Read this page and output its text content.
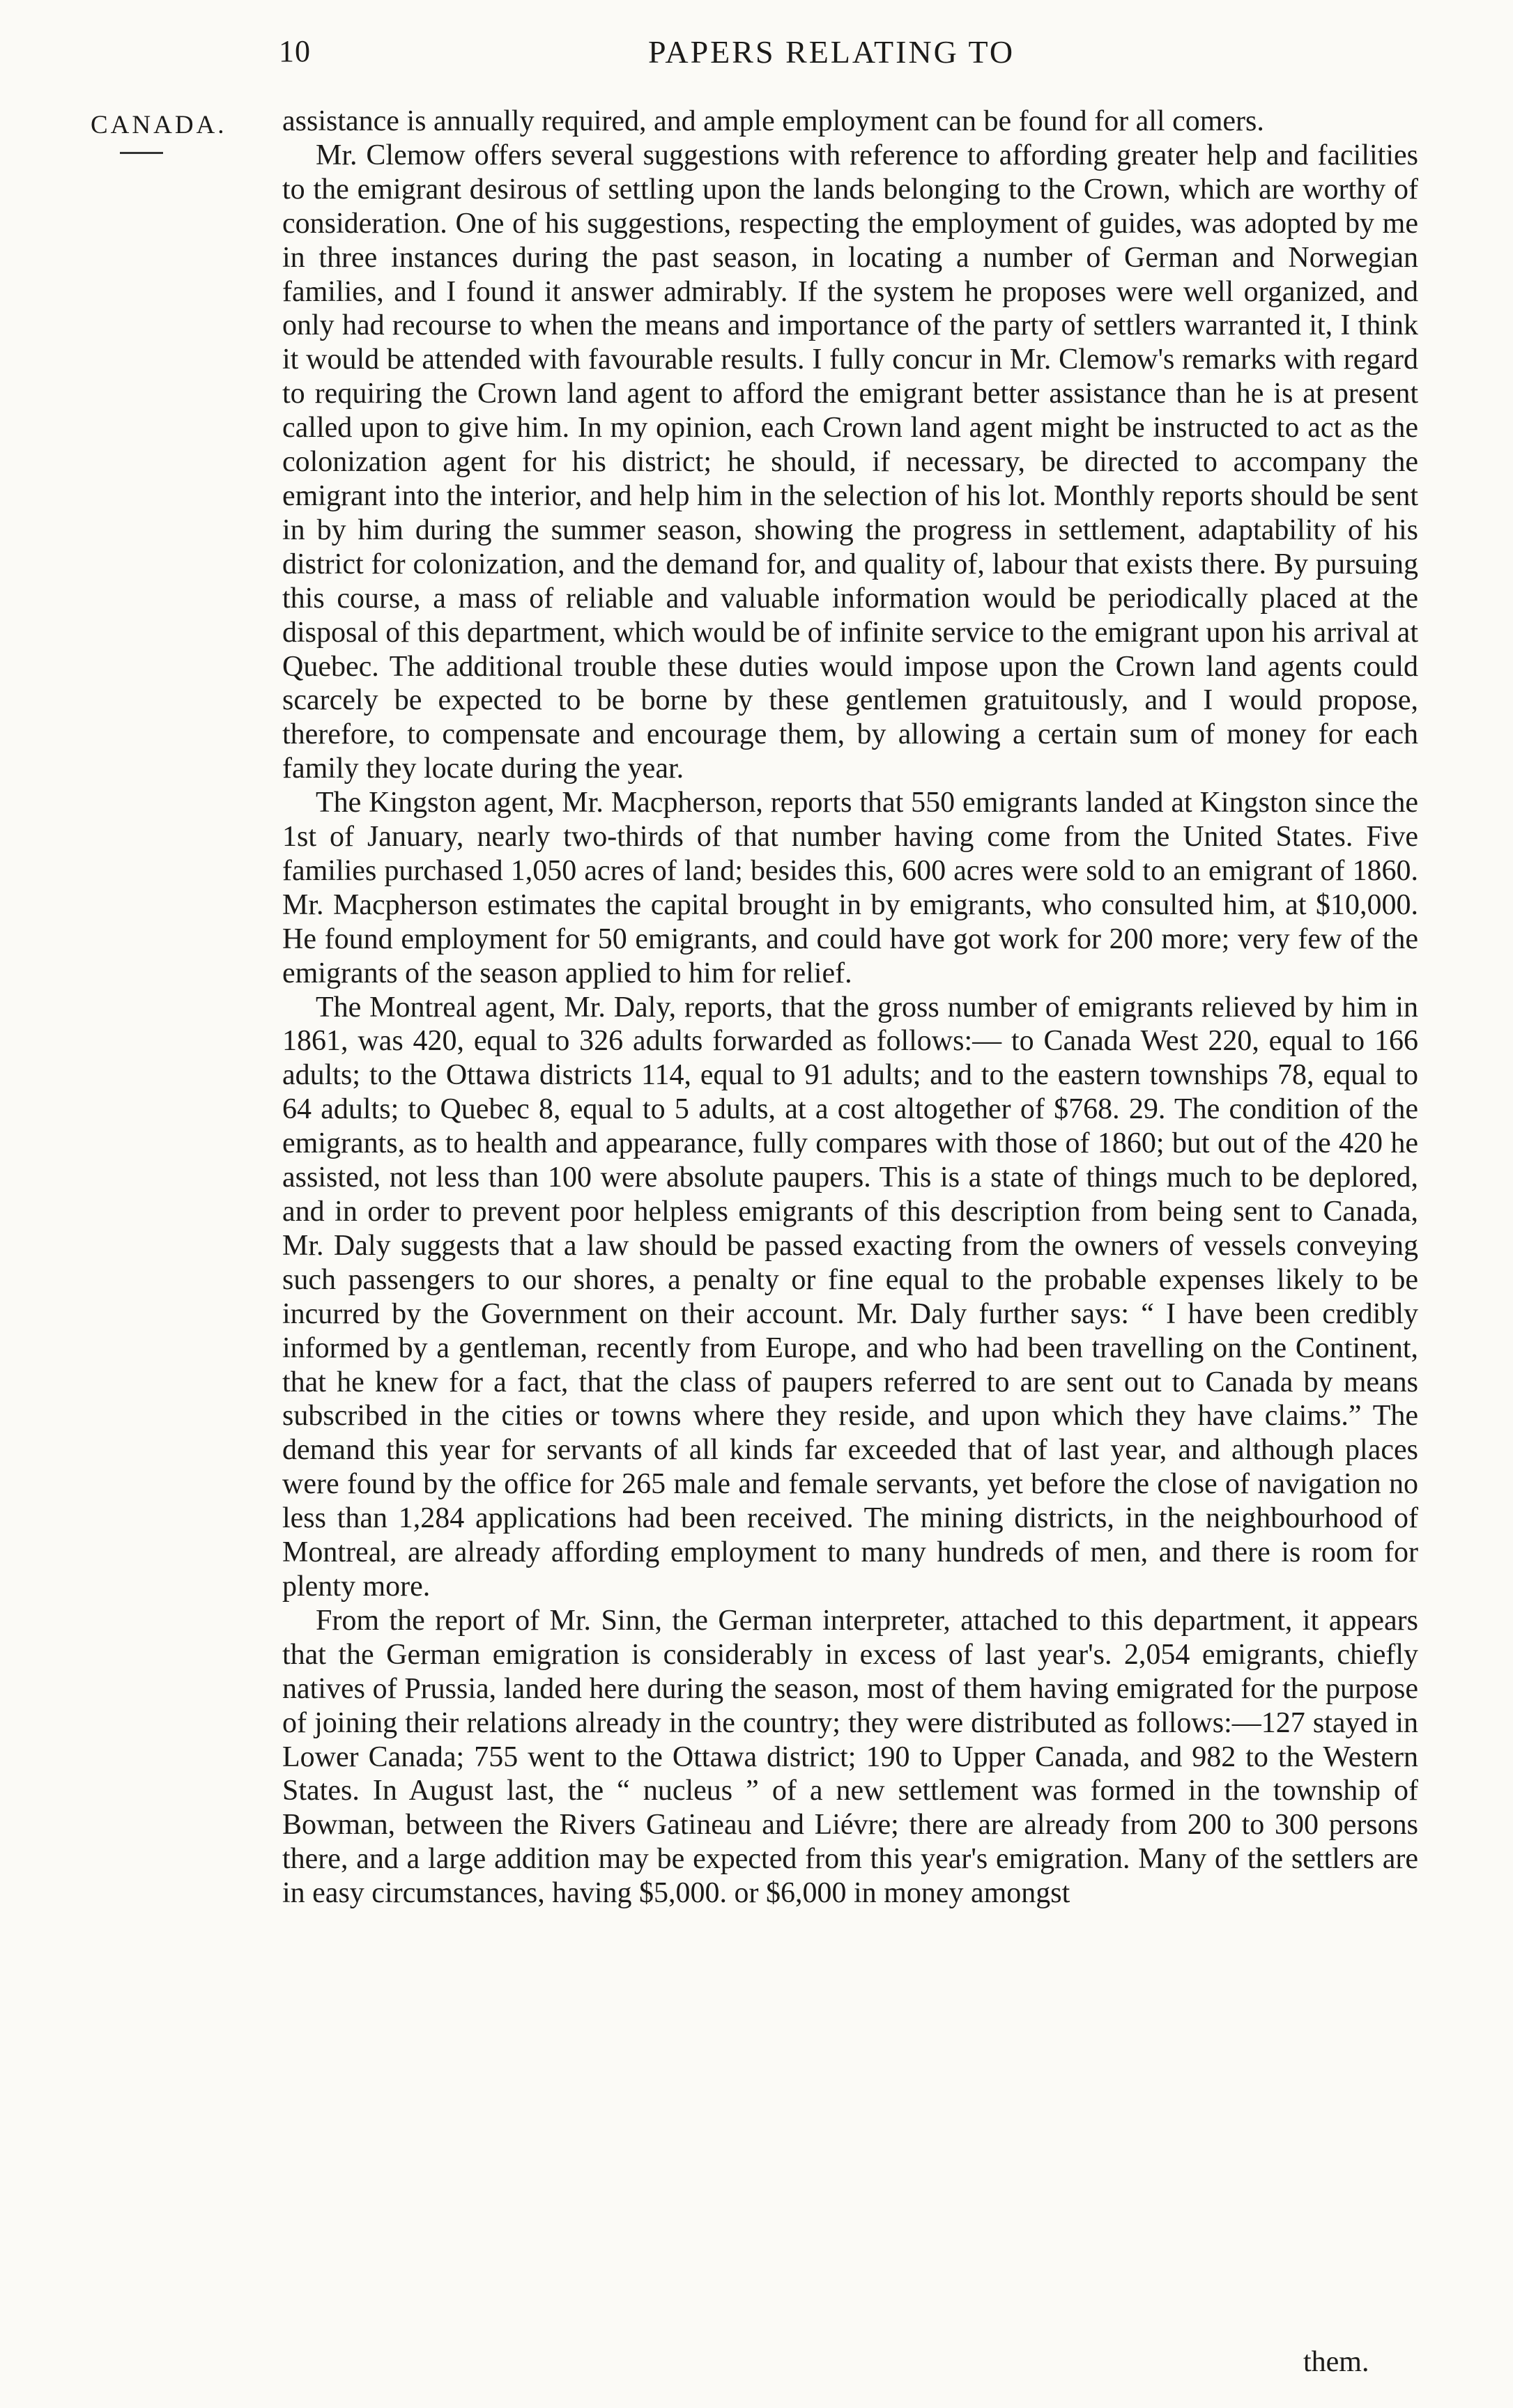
10	PAPERS RELATING TO
CANADA. assistance is annually required, and ample employment can be found for all comers.

Mr. Clemow offers several suggestions with reference to affording greater help and facilities to the emigrant desirous of settling upon the lands belonging to the Crown, which are worthy of consideration. One of his suggestions, respecting the employment of guides, was adopted by me in three instances during the past season, in locating a number of German and Norwegian families, and I found it answer admirably. If the system he proposes were well organized, and only had recourse to when the means and importance of the party of settlers warranted it, I think it would be attended with favourable results. I fully concur in Mr. Clemow's remarks with regard to requiring the Crown land agent to afford the emigrant better assistance than he is at present called upon to give him. In my opinion, each Crown land agent might be instructed to act as the colonization agent for his district; he should, if necessary, be directed to accompany the emigrant into the interior, and help him in the selection of his lot. Monthly reports should be sent in by him during the summer season, showing the progress in settlement, adaptability of his district for colonization, and the demand for, and quality of, labour that exists there. By pursuing this course, a mass of reliable and valuable information would be periodically placed at the disposal of this department, which would be of infinite service to the emigrant upon his arrival at Quebec. The additional trouble these duties would impose upon the Crown land agents could scarcely be expected to be borne by these gentlemen gratuitously, and I would propose, therefore, to compensate and encourage them, by allowing a certain sum of money for each family they locate during the year.

The Kingston agent, Mr. Macpherson, reports that 550 emigrants landed at Kingston since the 1st of January, nearly two-thirds of that number having come from the United States. Five families purchased 1,050 acres of land; besides this, 600 acres were sold to an emigrant of 1860. Mr. Macpherson estimates the capital brought in by emigrants, who consulted him, at $10,000. He found employment for 50 emigrants, and could have got work for 200 more; very few of the emigrants of the season applied to him for relief.

The Montreal agent, Mr. Daly, reports, that the gross number of emigrants relieved by him in 1861, was 420, equal to 326 adults forwarded as follows:— to Canada West 220, equal to 166 adults; to the Ottawa districts 114, equal to 91 adults; and to the eastern townships 78, equal to 64 adults; to Quebec 8, equal to 5 adults, at a cost altogether of $768. 29. The condition of the emigrants, as to health and appearance, fully compares with those of 1860; but out of the 420 he assisted, not less than 100 were absolute paupers. This is a state of things much to be deplored, and in order to prevent poor helpless emigrants of this description from being sent to Canada, Mr. Daly suggests that a law should be passed exacting from the owners of vessels conveying such passengers to our shores, a penalty or fine equal to the probable expenses likely to be incurred by the Government on their account. Mr. Daly further says: “ I have been credibly informed by a gentleman, recently from Europe, and who had been travelling on the Continent, that he knew for a fact, that the class of paupers referred to are sent out to Canada by means subscribed in the cities or towns where they reside, and upon which they have claims.” The demand this year for servants of all kinds far exceeded that of last year, and although places were found by the office for 265 male and female servants, yet before the close of navigation no less than 1,284 applications had been received. The mining districts, in the neighbourhood of Montreal, are already affording employment to many hundreds of men, and there is room for plenty more.

From the report of Mr. Sinn, the German interpreter, attached to this department, it appears that the German emigration is considerably in excess of last year's. 2,054 emigrants, chiefly natives of Prussia, landed here during the season, most of them having emigrated for the purpose of joining their relations already in the country; they were distributed as follows:—127 stayed in Lower Canada; 755 went to the Ottawa district; 190 to Upper Canada, and 982 to the Western States. In August last, the “ nucleus ” of a new settlement was formed in the township of Bowman, between the Rivers Gatineau and Liévre; there are already from 200 to 300 persons there, and a large addition may be expected from this year's emigration. Many of the settlers are in easy circumstances, having $5,000. or $6,000 in money amongst

them.
